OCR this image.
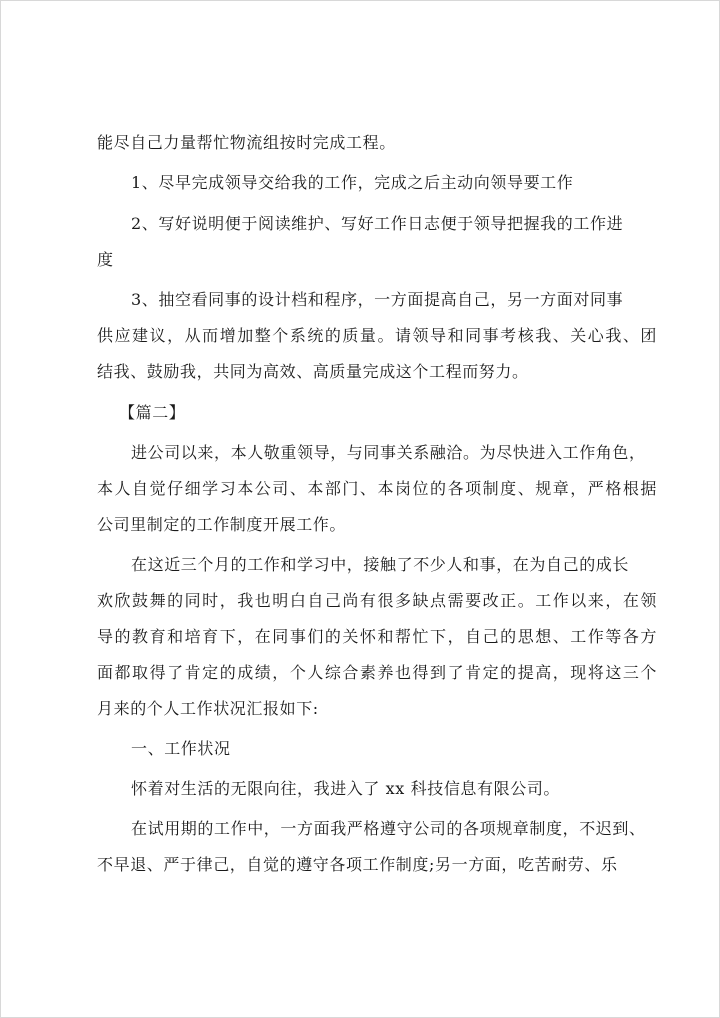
能尽自己力量帮忙物流组按时完成工程。
1、尽早完成领导交给我的工作，完成之后主动向领导要工作
2、写好说明便于阅读维护、写好工作日志便于领导把握我的工作进
度
3、抽空看同事的设计档和程序，一方面提高自己，另一方面对同事
供应建议，从而增加整个系统的质量。请领导和同事考核我、关心我、团
结我、鼓励我，共同为高效、高质量完成这个工程而努力。
【篇二】
进公司以来，本人敬重领导，与同事关系融洽。为尽快进入工作角色，
本人自觉仔细学习本公司、本部门、本岗位的各项制度、规章，严格根据
公司里制定的工作制度开展工作。
在这近三个月的工作和学习中，接触了不少人和事，在为自己的成长
欢欣鼓舞的同时，我也明白自己尚有很多缺点需要改正。工作以来，在领
导的教育和培育下，在同事们的关怀和帮忙下，自己的思想、工作等各方
面都取得了肯定的成绩，个人综合素养也得到了肯定的提高，现将这三个
月来的个人工作状况汇报如下:
一、工作状况
怀着对生活的无限向往，我进入了 xx 科技信息有限公司。
在试用期的工作中，一方面我严格遵守公司的各项规章制度，不迟到、
不早退、严于律己，自觉的遵守各项工作制度;另一方面，吃苦耐劳、乐
